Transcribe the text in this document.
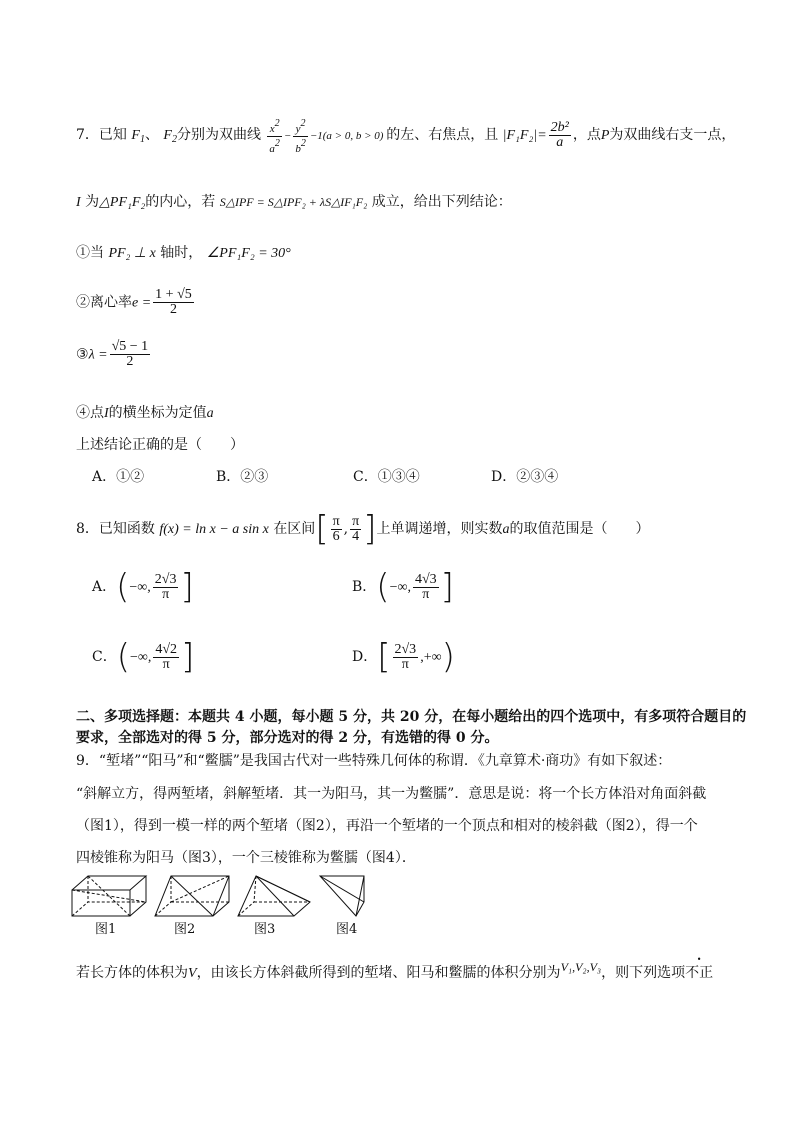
7．已知 $F_1$、 $F_2$分别为双曲线 $\frac{x2}{a2} - \frac{y2}{b2} -1(a > 0$, b > 0) 的左、右焦点，且 $|F_1F_2|= \frac{\text{2b²}}{a}$ ，点P为双曲线右支一点，
I 为△PF₁F₂的内心，若 S△IPF = S△IPF₂ + λS△IF₁F₂ 成立，给出下列结论：
①当 PF₂ ⊥ x 轴时， ∠PF₁F₂ = 30°
②离心率$e = \frac{1 + √5}{2}$
③λ = $\frac{√5 - 1}{2}$
④点I的横坐标为定值a
上述结论正确的是（　　）
A．①②	B．②③	C．①③④	D．②③④
8．已知函数 f(x) = ln x − a sin x 在区间[ $\frac{\pi}{6}$ , $\frac{\pi}{4}$ ]上单调递增，则实数a的取值范围是（　　）
A．(−∞, $\frac{2√3}{\pi}$ ]	B．(−∞, $\frac{4√3}{\pi}$ ]
C．(−∞, $\frac{4√2}{\pi}$ ]	D．[ $\frac{2√3}{\pi}$ ,+∞)
二、多项选择题：本题共 4 小题，每小题 5 分，共 20 分，在每小题给出的四个选项中，有多项符合题目的
要求，全部选对的得 5 分，部分选对的得 2 分，有选错的得 0 分。
9．“堑堵”“阳马”和“鳖臑”是我国古代对一些特殊几何体的称谓．《九章算术·商功》有如下叙述：
“斜解立方，得两堑堵，斜解堑堵．其一为阳马，其一为鳖臑”．意思是说：将一个长方体沿对角面斜截
（图1），得到一模一样的两个堑堵（图2），再沿一个堑堵的一个顶点和相对的棱斜截（图2），得一个
四棱锥称为阳马（图3），一个三棱锥称为鳖臑（图4）．
图1	图2	图3	图4
若长方体的体积为V，由该长方体斜截所得到的堑堵、阳马和鳖臑的体积分别为V₁,V₂,V₃，则下列选项不正
